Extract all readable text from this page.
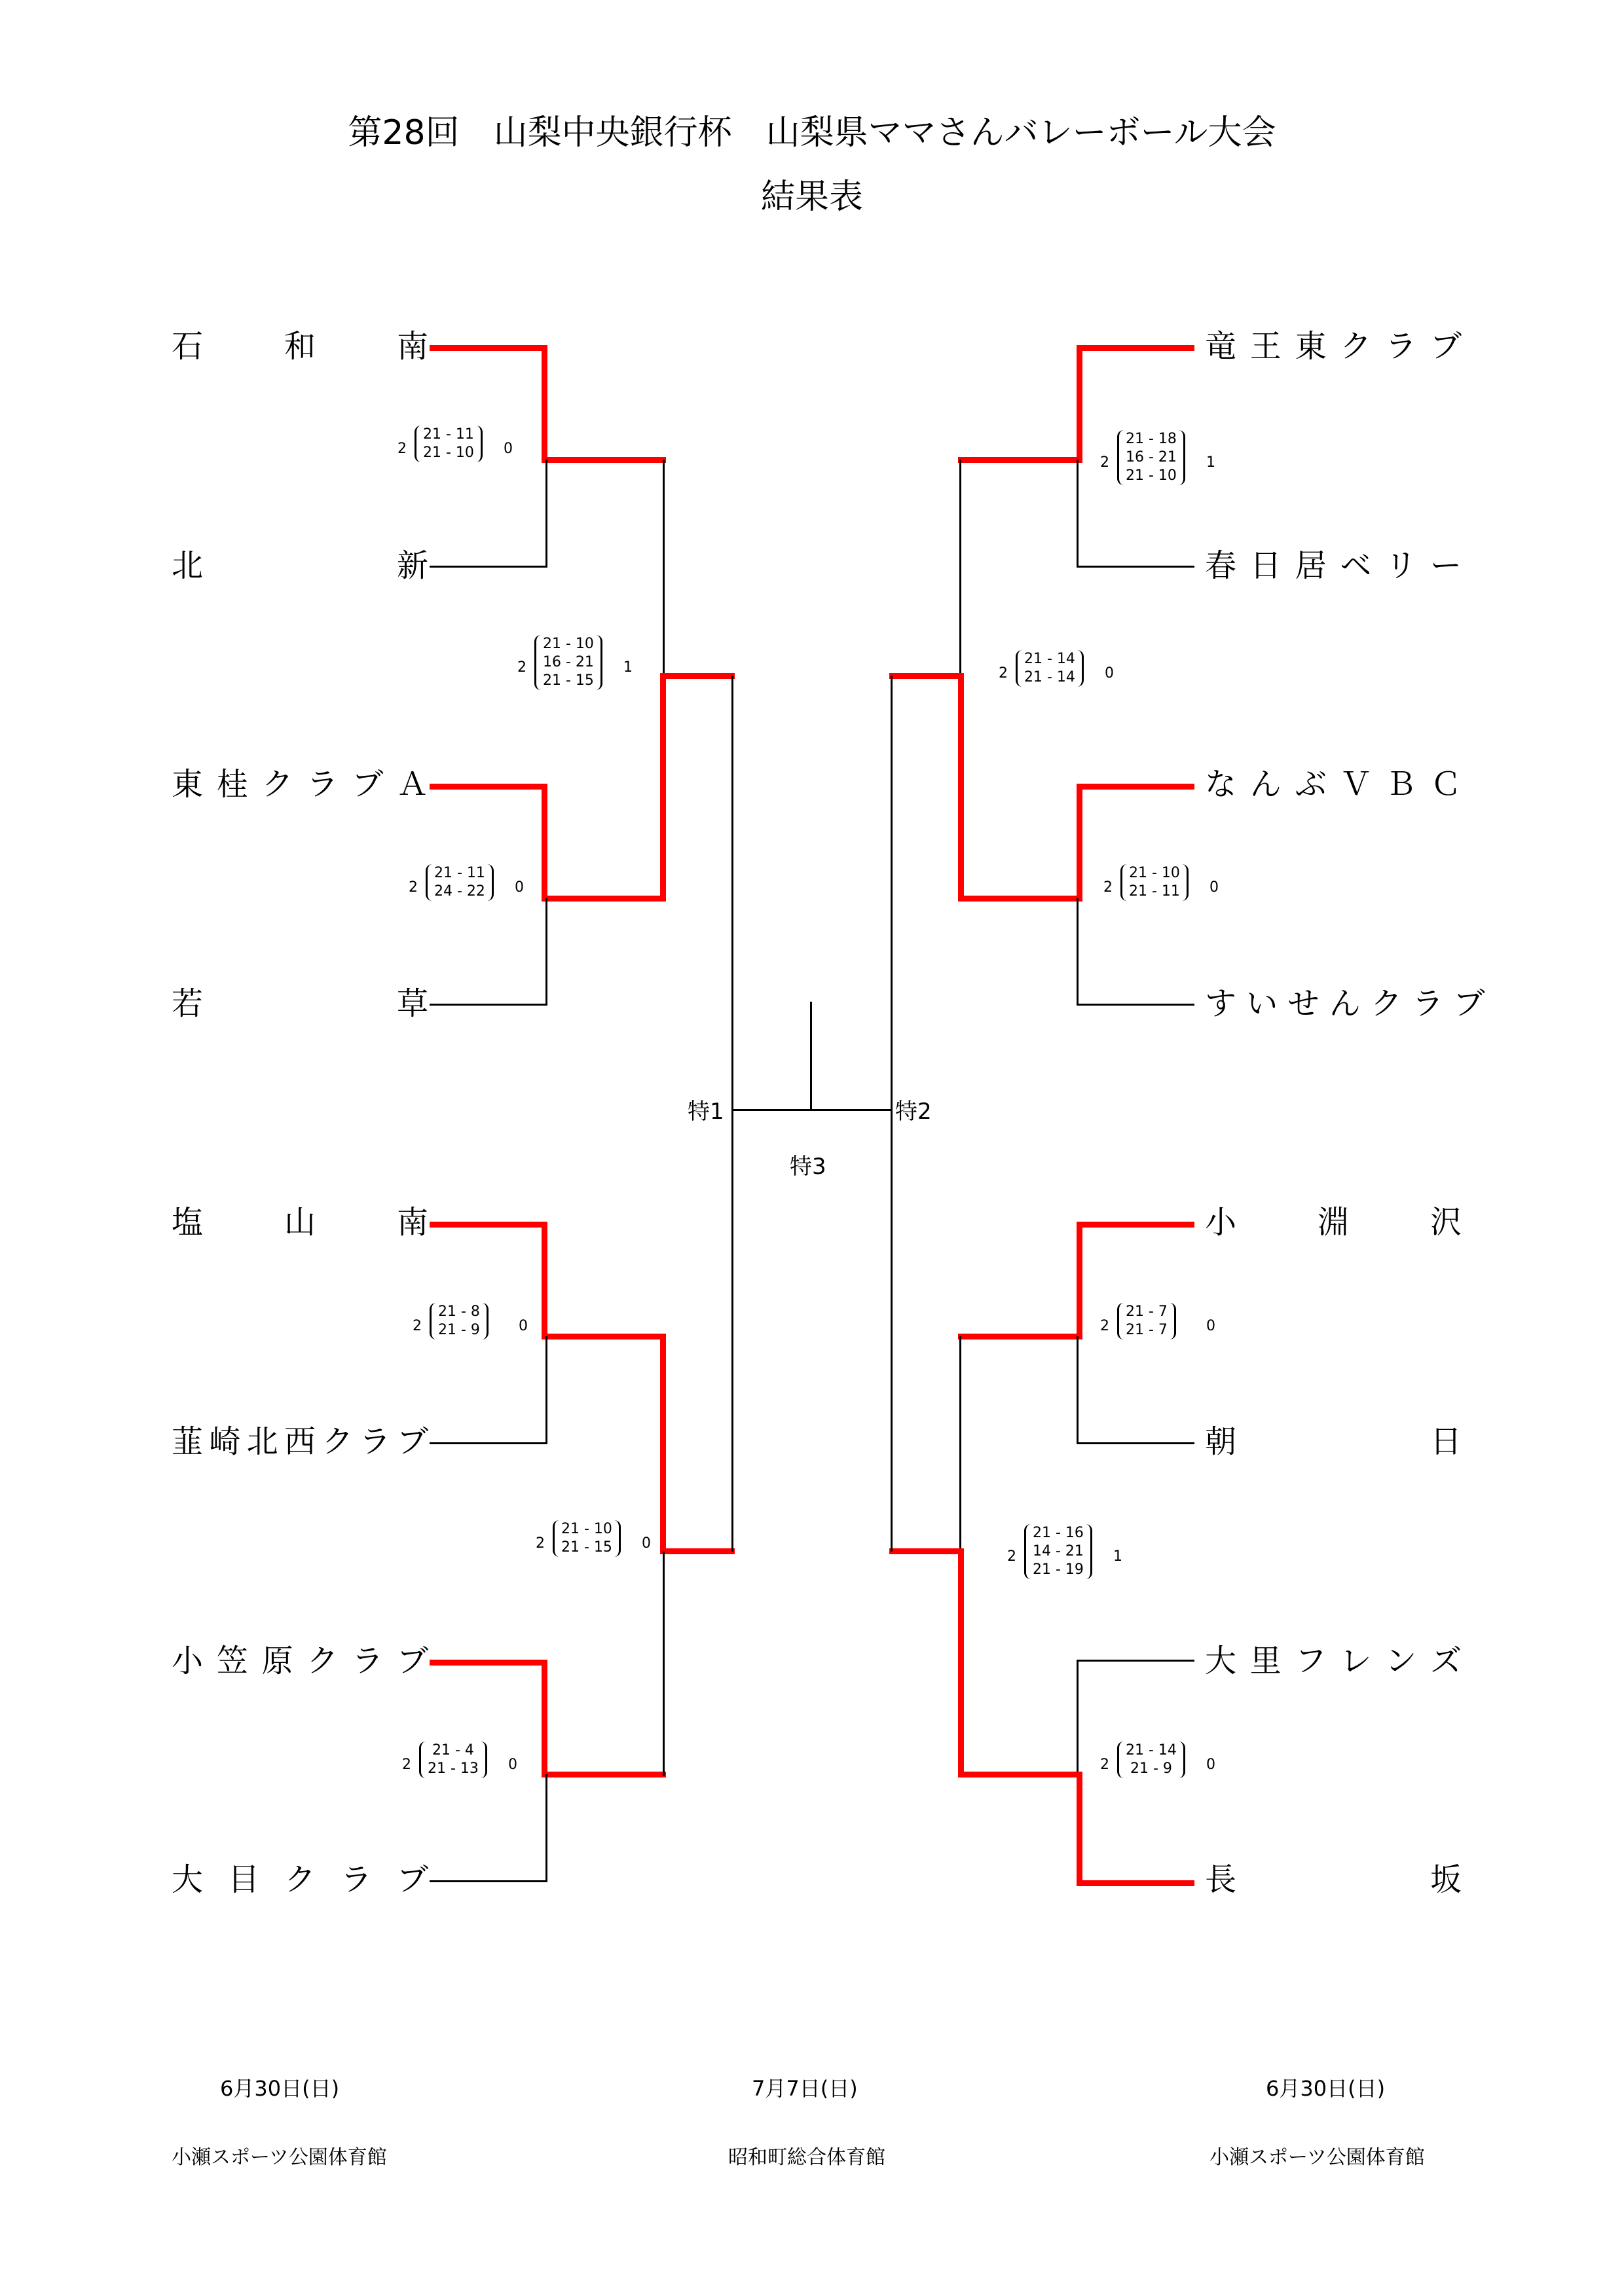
第28回　山梨中央銀行杯　山梨県ママさんバレーボール大会
結果表
石　和　南
北　　　新
東 桂 ク ラ ブ Ａ
若　　　草
塩　山　南
韮崎北西クラブ
小 笠 原 ク ラ ブ
大 目 ク ラ ブ
竜 王 東 ク ラ ブ
春 日 居 ベ リ ー
な ん ぶ Ｖ Ｂ Ｃ
す い せ ん ク ラ ブ
小　淵　沢
朝　　　日
大 里 フ レ ン ズ
長　　　坂
特1	特2
特3
2
21 - 11
21 - 10 0
2
21 - 11
24 - 22 0
2
21 - 8
21 - 9	0
2
21 - 4
21 - 13 0
2
21 - 10
16 - 21
21 - 15
1
2
21 - 10
21 - 15 0
2
21 - 18
16 - 21
21 - 10
1
2
21 - 10
21 - 11 0
2
21 - 7
21 - 7	0
2
21 - 14
21 - 9	0
2
21 - 14
21 - 14 0
2
21 - 16
14 - 21
21 - 19
1
6月30日(日)	7月7日(日)	6月30日(日)
小瀬スポーツ公園体育館	昭和町総合体育館	小瀬スポーツ公園体育館
